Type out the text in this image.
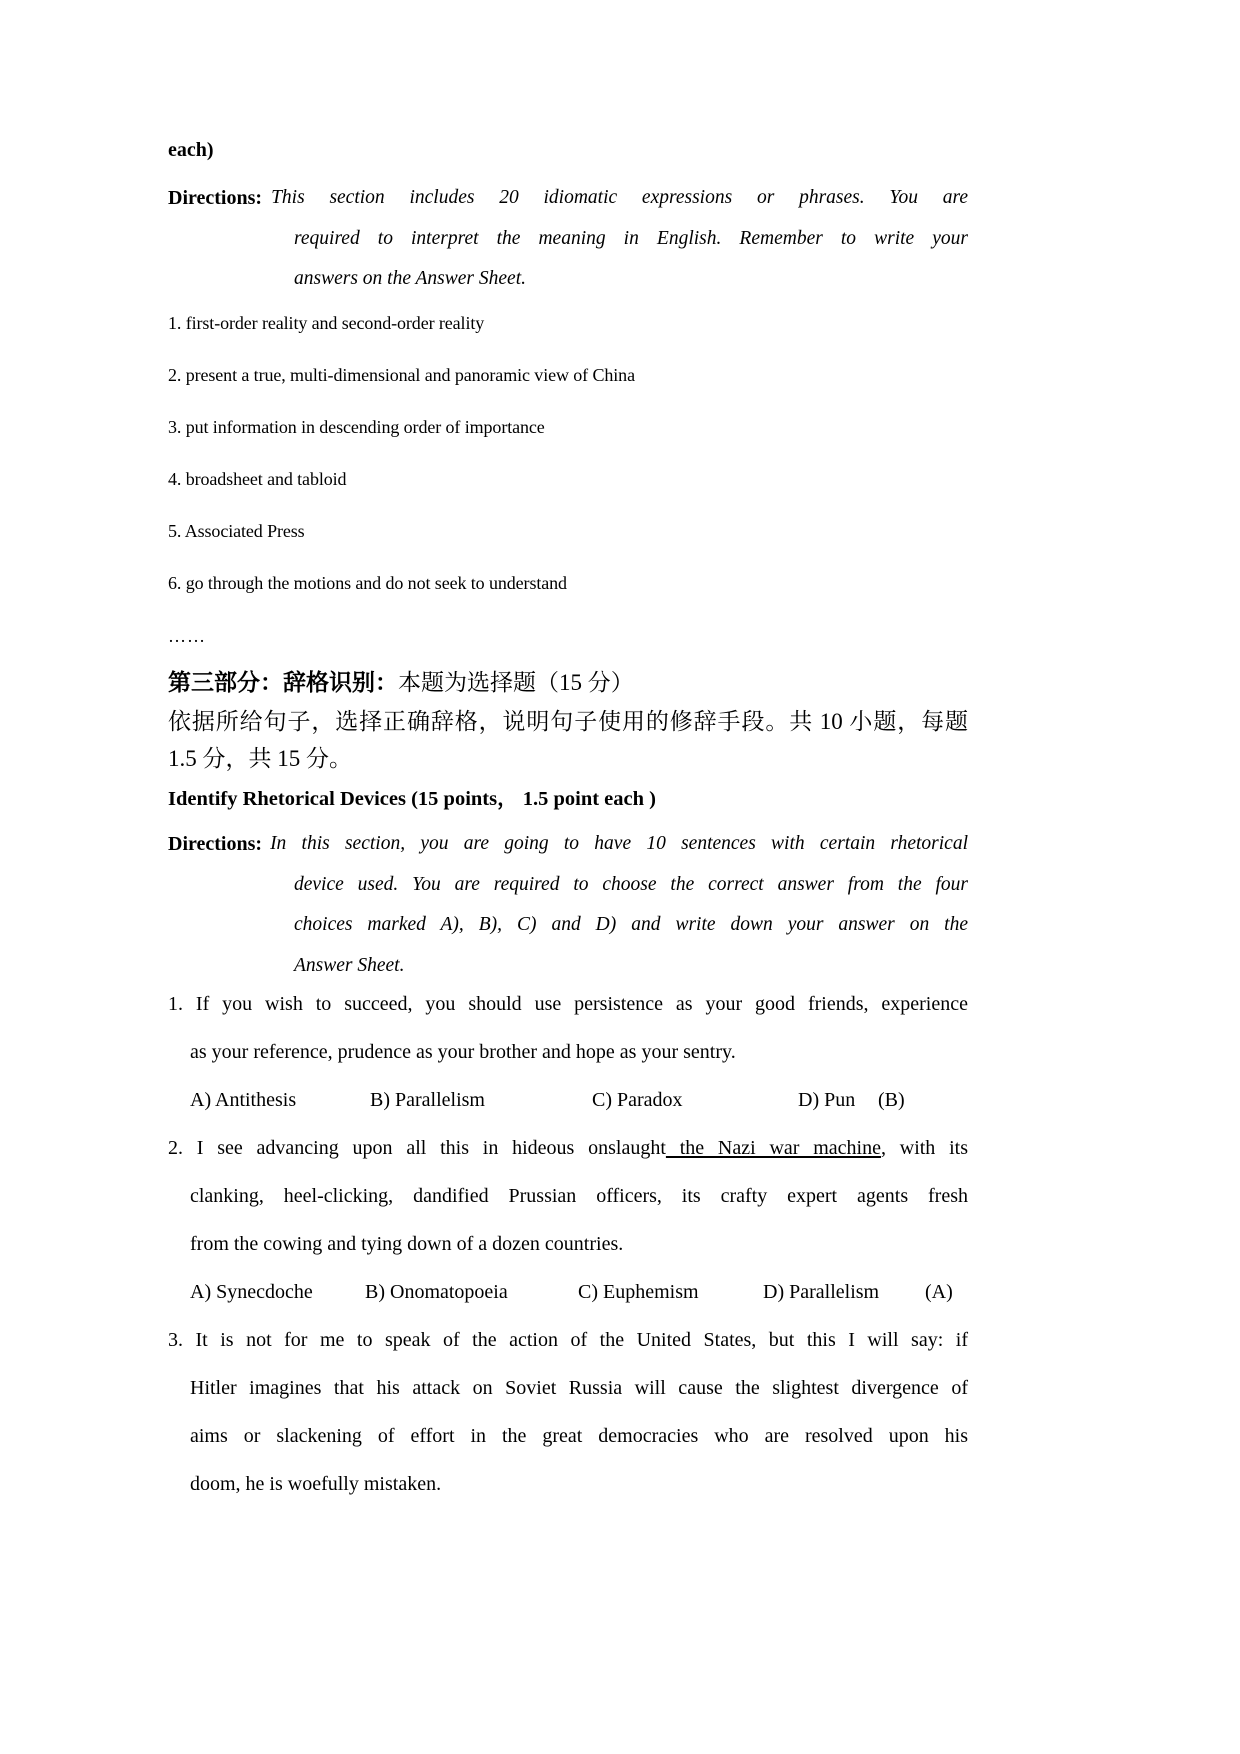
each)
Directions: This section includes 20 idiomatic expressions or phrases. You are
required to interpret the meaning in English. Remember to write your
answers on the Answer Sheet.
1. first-order reality and second-order reality
2. present a true, multi-dimensional and panoramic view of China
3. put information in descending order of importance
4. broadsheet and tabloid
5. Associated Press
6. go through the motions and do not seek to understand
……
第三部分：辞格识别：本题为选择题（15 分）
依据所给句子，选择正确辞格，说明句子使用的修辞手段。共 10 小题，每题 1.5 分，共 15 分。
Identify Rhetorical Devices (15 points， 1.5 point each )
Directions: In this section, you are going to have 10 sentences with certain rhetorical
device used. You are required to choose the correct answer from the four
choices marked A), B), C) and D) and write down your answer on the
Answer Sheet.
1. If you wish to succeed, you should use persistence as your good friends, experience
as your reference, prudence as your brother and hope as your sentry.
A) Antithesis	B) Parallelism	C) Paradox	D) Pun	(B)
2. I see advancing upon all this in hideous onslaught the Nazi war machine, with its
clanking, heel-clicking, dandified Prussian officers, its crafty expert agents fresh
from the cowing and tying down of a dozen countries.
A) Synecdoche	B) Onomatopoeia	C) Euphemism	D) Parallelism	(A)
3. It is not for me to speak of the action of the United States, but this I will say: if
Hitler imagines that his attack on Soviet Russia will cause the slightest divergence of
aims or slackening of effort in the great democracies who are resolved upon his
doom, he is woefully mistaken.
